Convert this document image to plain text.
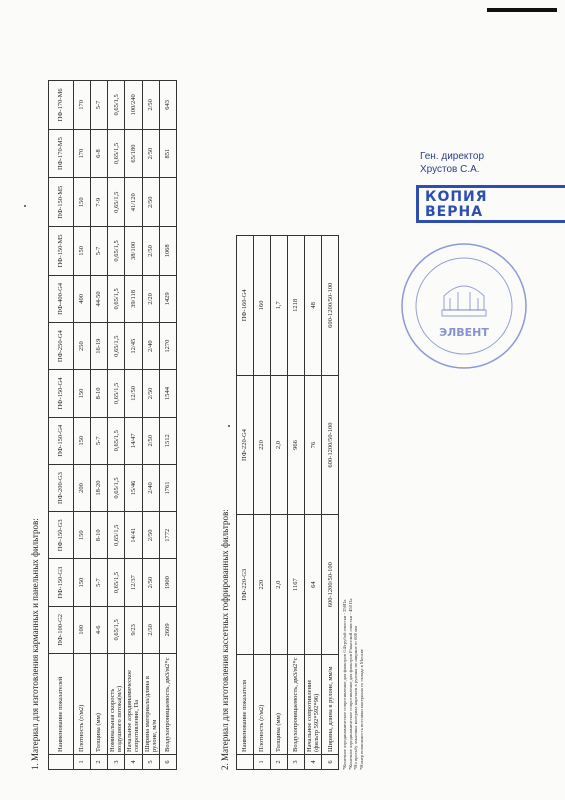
1. Материал для изготовления карманных и панельных фильтров:
		Наименование показателей	ПФ-100-G2	ПФ-150-G3	ПФ-150-G3	ПФ-200-G3	ПФ-150-G4	ПФ-150-G4	ПФ-250-G4	ПФ-400-G4	ПФ-150-M5	ПФ-150-M5	ПФ-170-M5	ПФ-170-M6
1	Плотность (г/м2)	100	150	150	200	150	150	250	400	150	150	170	170
2	Толщина (мм)	4-6	5-7	8-10	18-20	5-7	8-10	16-19	44-50	5-7	7-9	6-8	5-7
3	Номинальная скорость воздушного потока(м/с)	0,65/1,5	0,65/1,5	0,65/1,5	0,65/1,5	0,65/1,5	0,65/1,5	0,65/1,5	0,65/1,5	0,65/1,5	0,65/1,5	0,65/1,5	0,65/1,5
4	Начальное аэродинамическое сопротивление, Па	9/23	12/37	14/41	15/46	14/47	12/50	12/45	39/118	38/100	41/120	65/180	100/240
5	Ширина материала/длина в рулоне, м/м	2/50	2/50	2/50	2/40	2/50	2/50	2/40	2/20	2/50	2/50	2/50	2/50
6	Воздухопроницаемость, дм3/м2*с	2609	1900	1772	1761	1512	1544	1270	1429	1068		851	643
2. Материал для изготовления кассетных гофрированных фильтров:
	Наименование показателя	ПФ-220-G3	ПФ-220-G4	ПФ-160-G4
1	Плотность (г/м2)	220	220	160
2	Толщина (мм)	2,0	2,0	1,7
3	Воздухопроницаемость, дм3/м2*с	1167	966	1218
4	Начальное сопротивление (фильтр 592*592*96)	64	76	48
6	Ширина, длина в рулоне, мм/м	600-1200/50-100	600-1200/50-100	600-1200/50-100
*Конечное аэродинамическое сопротивление для фильтров G4/грубой очистки - 250Па *Конечное аэродинамическое сопротивление для фильтров F/высокой очистки - 450 Па *На просьбу заказчика материал нарезаем в рулоны по ширине от 600 мм *Номер возможность поставки материала со склада в Москве
Ген. директор
Хрустов С.А.
КОПИЯ
ВЕРНА
ЭЛВЕНТ
